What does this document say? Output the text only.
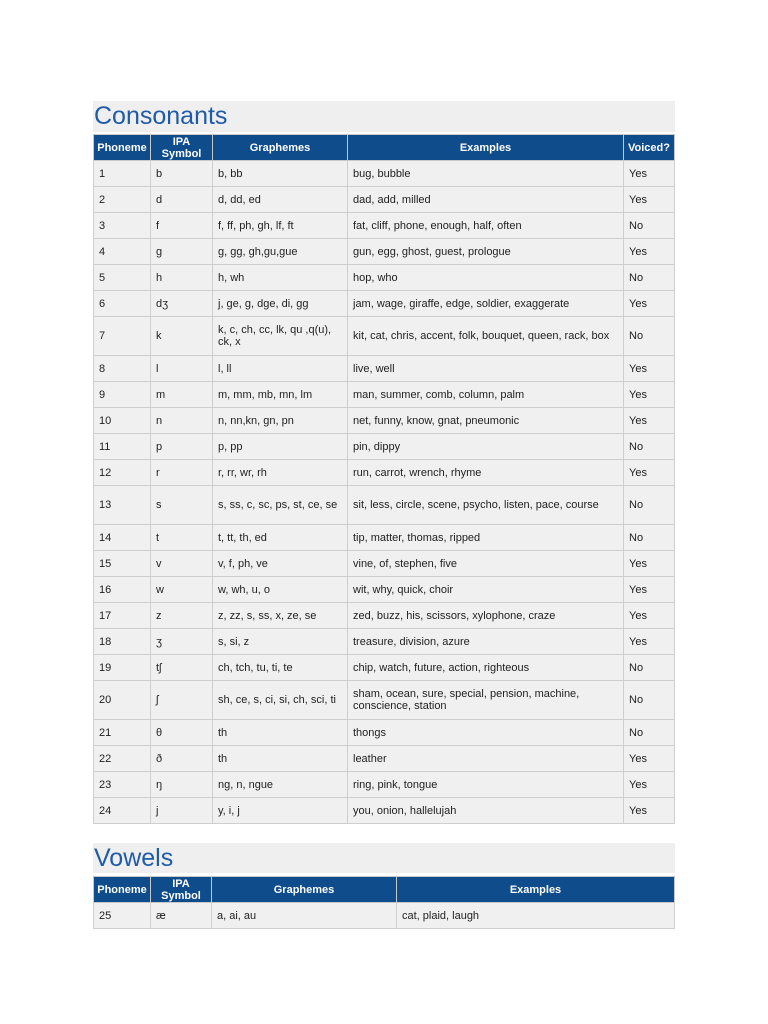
Consonants
Phoneme	IPA Symbol	Graphemes	Examples	Voiced?
1	b	b, bb	bug, bubble	Yes
2	d	d, dd, ed	dad, add, milled	Yes
3	f	f, ff, ph, gh, lf, ft	fat, cliff, phone, enough, half, often	No
4	g	g, gg, gh,gu,gue	gun, egg, ghost, guest, prologue	Yes
5	h	h, wh	hop, who	No
6	dʒ	j, ge, g, dge, di, gg	jam, wage, giraffe, edge, soldier, exaggerate	Yes
7	k	k, c, ch, cc, lk, qu ,q(u), ck, x	kit, cat, chris, accent, folk, bouquet, queen, rack, box	No
8	l	l, ll	live, well	Yes
9	m	m, mm, mb, mn, lm	man, summer, comb, column, palm	Yes
10	n	n, nn,kn, gn, pn	net, funny, know, gnat, pneumonic	Yes
11	p	p, pp	pin, dippy	No
12	r	r, rr, wr, rh	run, carrot, wrench, rhyme	Yes
13	s	s, ss, c, sc, ps, st, ce, se	sit, less, circle, scene, psycho, listen, pace, course	No
14	t	t, tt, th, ed	tip, matter, thomas, ripped	No
15	v	v, f, ph, ve	vine, of, stephen, five	Yes
16	w	w, wh, u, o	wit, why, quick, choir	Yes
17	z	z, zz, s, ss, x, ze, se	zed, buzz, his, scissors, xylophone, craze	Yes
18	ʒ	s, si, z	treasure, division, azure	Yes
19	tʃ	ch, tch, tu, ti, te	chip, watch, future, action, righteous	No
20	ʃ	sh, ce, s, ci, si, ch, sci, ti	sham, ocean, sure, special, pension, machine, conscience, station	No
21	θ	th	thongs	No
22	ð	th	leather	Yes
23	ŋ	ng, n, ngue	ring, pink, tongue	Yes
24	j	y, i, j	you, onion, hallelujah	Yes
Vowels
Phoneme	IPA Symbol	Graphemes	Examples
25	æ	a, ai, au	cat, plaid, laugh
